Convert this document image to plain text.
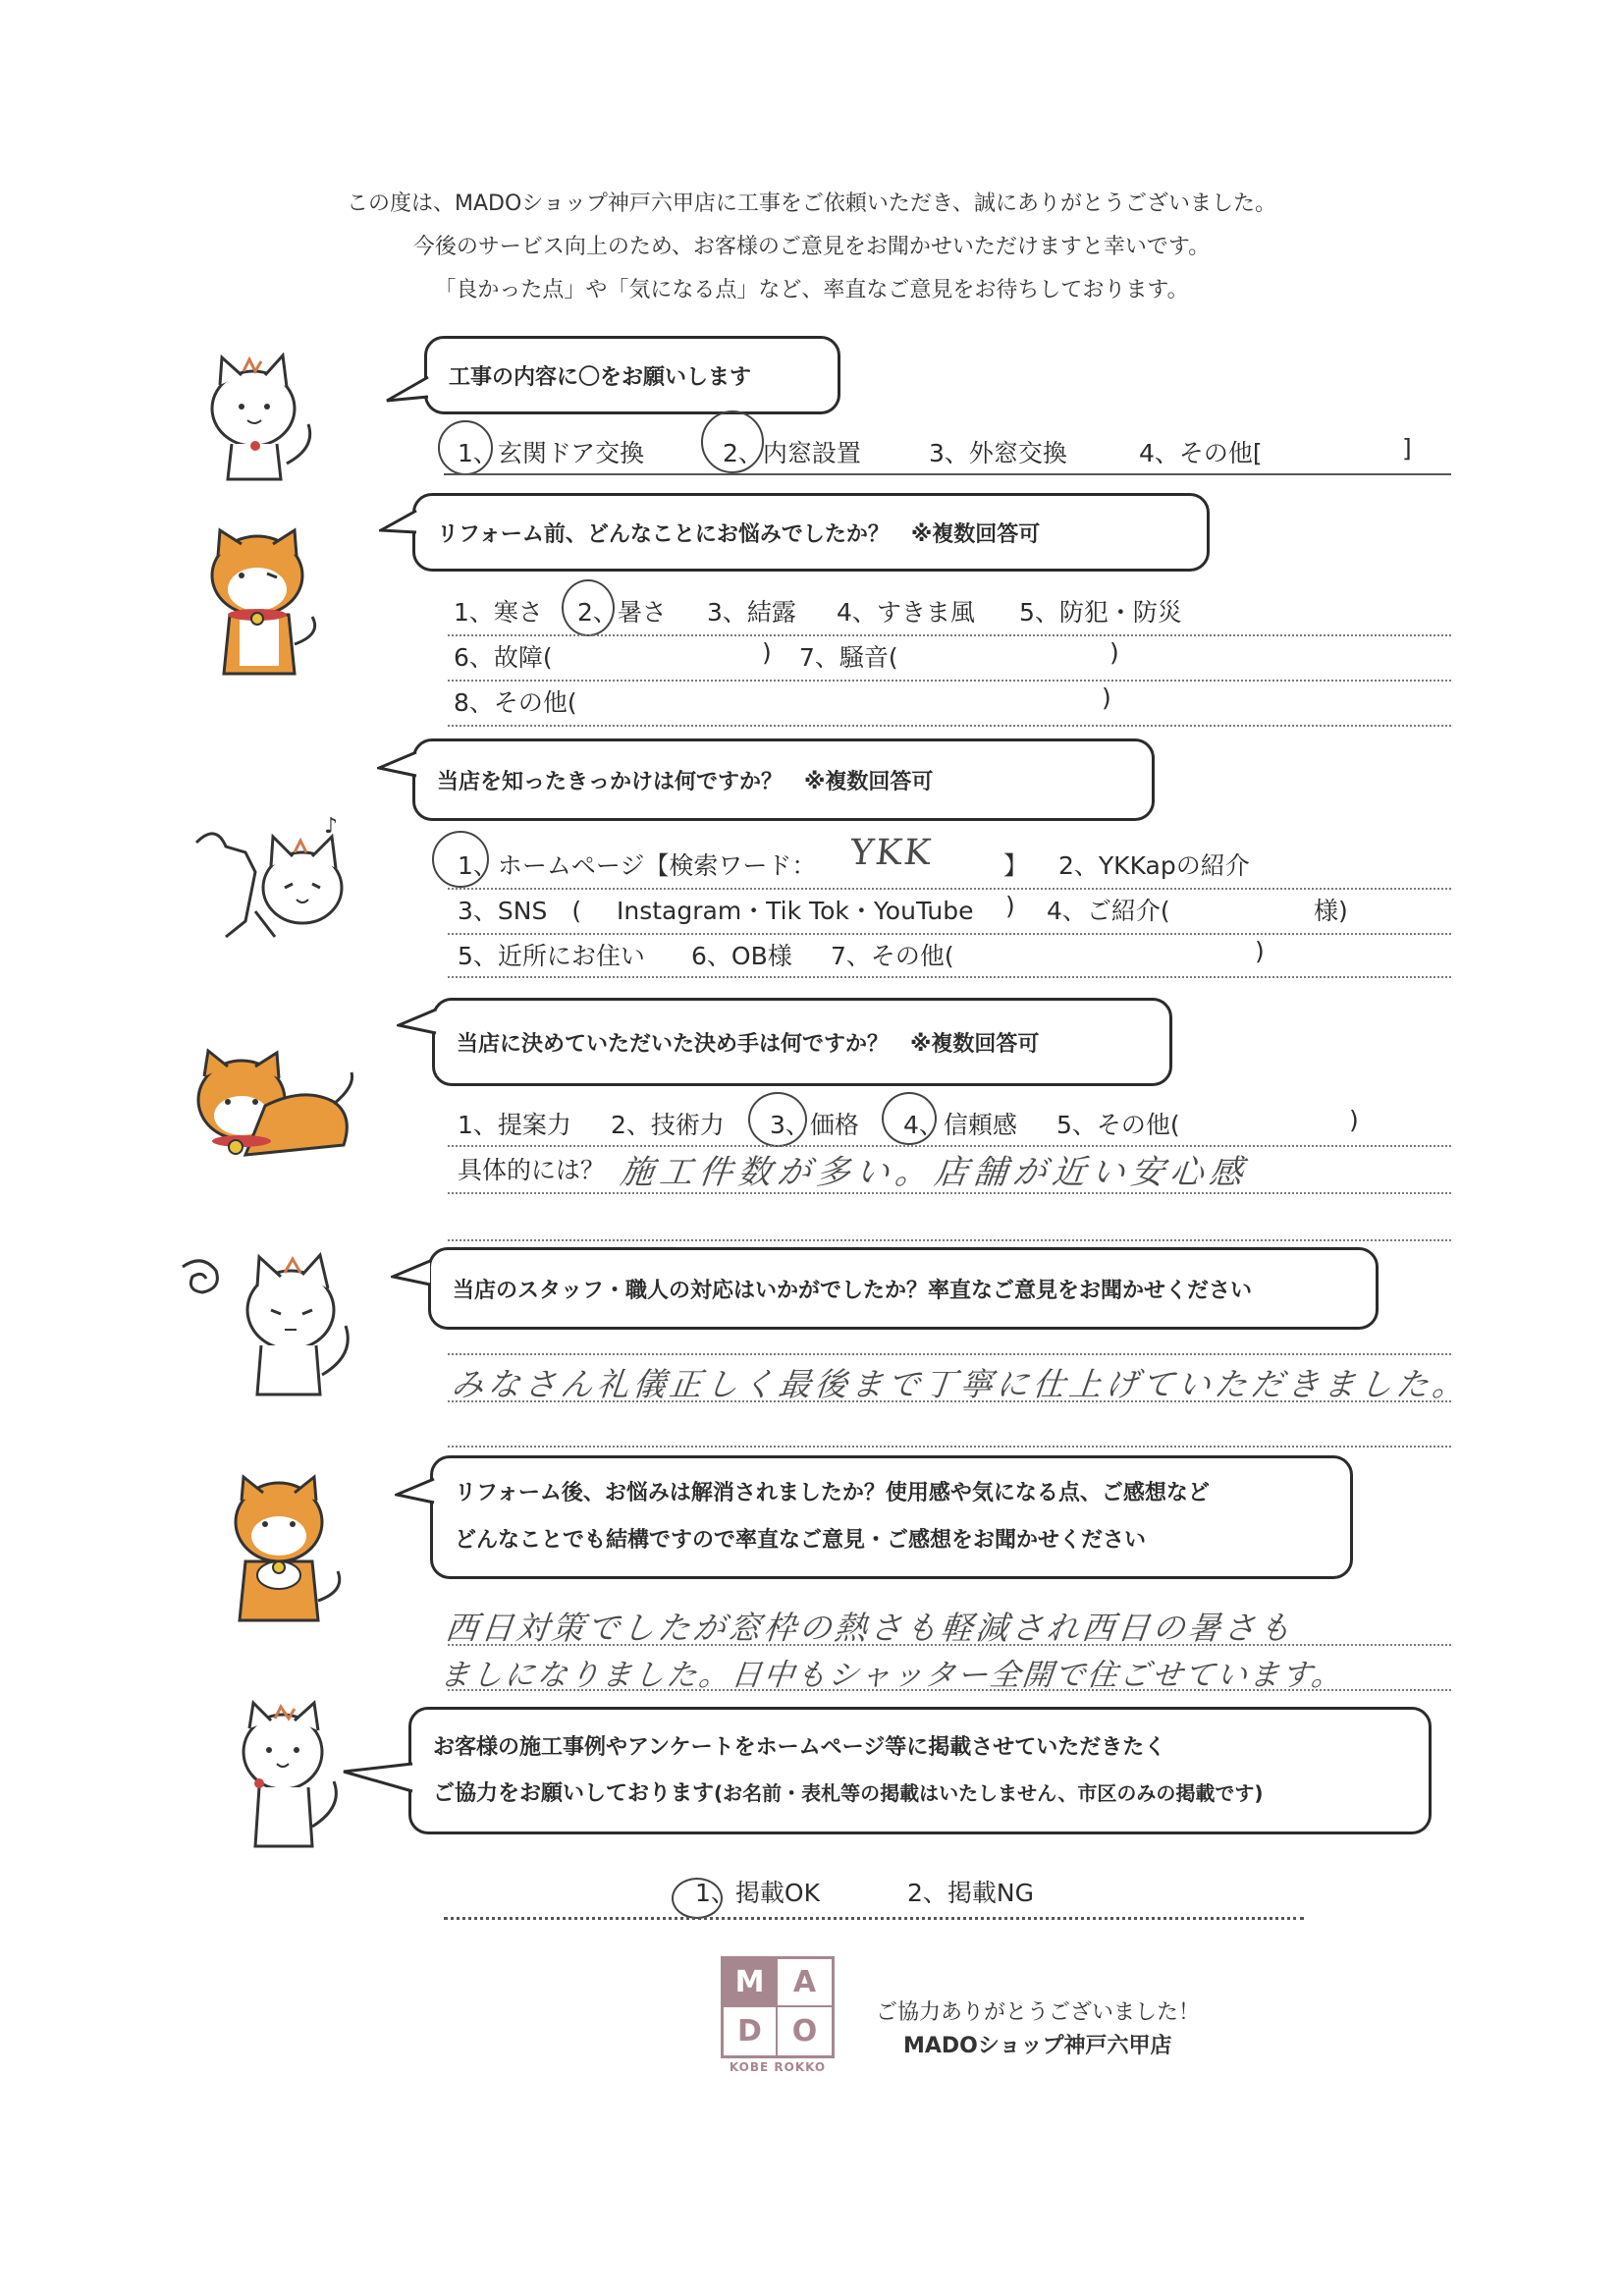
この度は、MADOショップ神戸六甲店に工事をご依頼いただき、誠にありがとうございました。
今後のサービス向上のため、お客様のご意見をお聞かせいただけますと幸いです。
「良かった点」や「気になる点」など、率直なご意見をお待ちしております。
工事の内容に〇をお願いします
1、玄関ドア交換	2、内窓設置	3、外窓交換	4、その他[	]
リフォーム前、どんなことにお悩みでしたか？　※複数回答可
1、寒さ 2、暑さ 3、結露 4、すきま風 5、防犯・防災
6、故障(	) 7、騒音(	)
8、その他(	)
♪
当店を知ったきっかけは何ですか？　※複数回答可
1、ホームページ【検索ワード： YKK	】 2、YKKapの紹介
3、SNS　( Instagram・Tik Tok・YouTube ) 4、ご紹介(	様)
5、近所にお住い 6、OB様 7、その他(	)
当店に決めていただいた決め手は何ですか？　※複数回答可
1、提案力 2、技術力 3、価格 4、信頼感 5、その他(	)
具体的には？ 施工件数が多い。店舗が近い安心感
当店のスタッフ・職人の対応はいかがでしたか？率直なご意見をお聞かせください
みなさん礼儀正しく最後まで丁寧に仕上げていただきました。
リフォーム後、お悩みは解消されましたか？使用感や気になる点、ご感想など
どんなことでも結構ですので率直なご意見・ご感想をお聞かせください
西日対策でしたが窓枠の熱さも軽減され西日の暑さも
ましになりました。日中もシャッター全開で住ごせています。
お客様の施工事例やアンケートをホームページ等に掲載させていただきたく
ご協力をお願いしております(お名前・表札等の掲載はいたしません、市区のみの掲載です)
1、掲載OK	2、掲載NG
M A
D	O
KOBE ROKKO
ご協力ありがとうございました！
MADOショップ神戸六甲店
